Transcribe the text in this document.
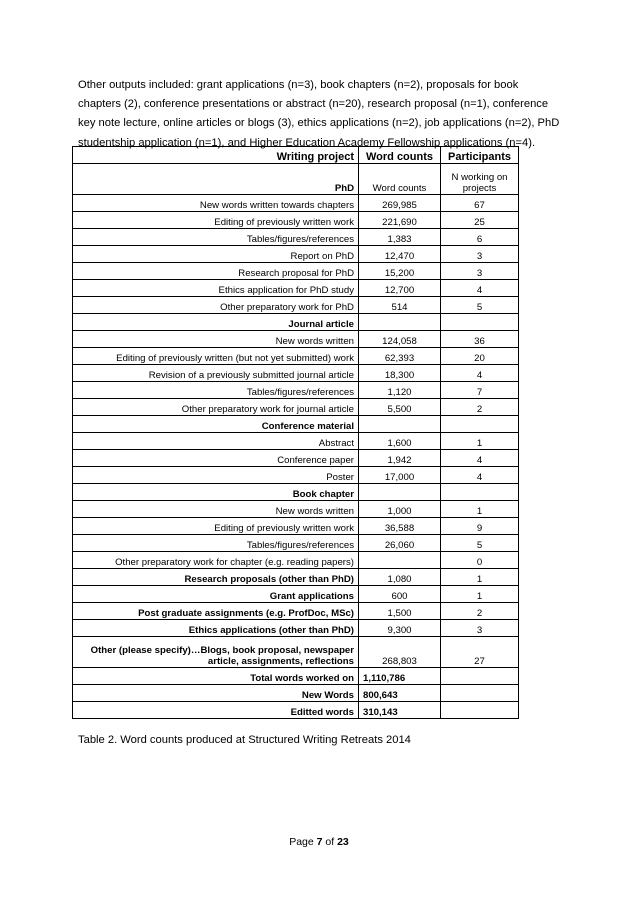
Other outputs included: grant applications (n=3), book chapters (n=2), proposals for book chapters (2), conference presentations or abstract (n=20), research proposal (n=1), conference key note lecture, online articles or blogs (3), ethics applications (n=2), job applications (n=2), PhD studentship application (n=1), and Higher Education Academy Fellowship applications (n=4).
Writing project	Word counts	Participants
PhD	Word counts	N working on projects
New words written towards chapters	269,985	67
Editing of previously written work	221,690	25
Tables/figures/references	1,383	6
Report on PhD	12,470	3
Research proposal for PhD	15,200	3
Ethics application for PhD study	12,700	4
Other preparatory work for PhD	514	5
Journal article		
New words written	124,058	36
Editing of previously written (but not yet submitted) work	62,393	20
Revision of a previously submitted journal article	18,300	4
Tables/figures/references	1,120	7
Other preparatory work for journal article	5,500	2
Conference material		
Abstract	1,600	1
Conference paper	1,942	4
Poster	17,000	4
Book chapter		
New words written	1,000	1
Editing of previously written work	36,588	9
Tables/figures/references	26,060	5
Other preparatory work for chapter (e.g. reading papers)		0
Research proposals (other than PhD)	1,080	1
Grant applications	600	1
Post graduate assignments (e.g. ProfDoc, MSc)	1,500	2
Ethics applications (other than PhD)	9,300	3
Other (please specify)…Blogs, book proposal, newspaper article, assignments, reflections	268,803	27
Total words worked on	1,110,786	
New Words	800,643	
Editted words	310,143	
Table 2. Word counts produced at Structured Writing Retreats 2014
Page 7 of 23
